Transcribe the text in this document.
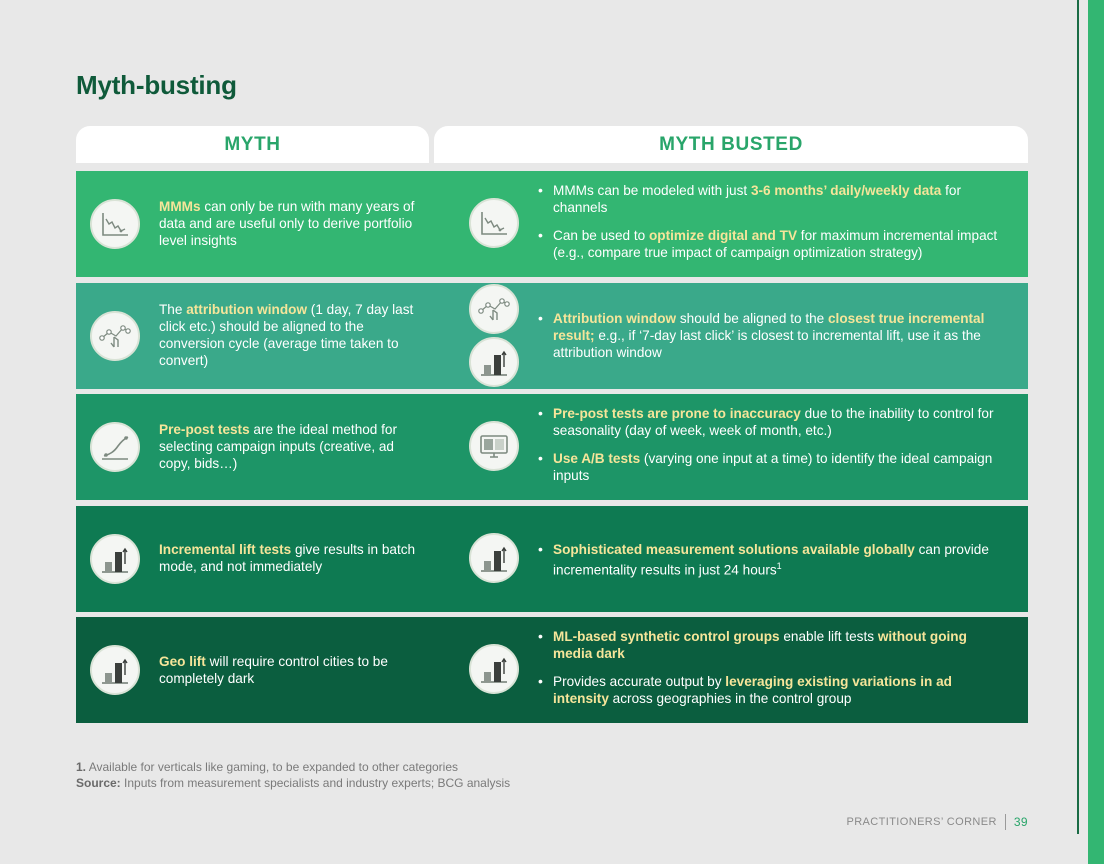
Myth-busting
MYTH	MYTH BUSTED
MMMs can only be run with many years of data and are useful only to derive portfolio level insights
• MMMs can be modeled with just 3-6 months’ daily/weekly data for channels
• Can be used to optimize digital and TV for maximum incremental impact (e.g., compare true impact of campaign optimization strategy)
The attribution window (1 day, 7 day last click etc.) should be aligned to the conversion cycle (average time taken to convert)
• Attribution window should be aligned to the closest true incremental result; e.g., if ‘7-day last click’ is closest to incremental lift, use it as the attribution window
Pre-post tests are the ideal method for selecting campaign inputs (creative, ad copy, bids…)
• Pre-post tests are prone to inaccuracy due to the inability to control for seasonality (day of week, week of month, etc.)
• Use A/B tests (varying one input at a time) to identify the ideal campaign inputs
Incremental lift tests give results in batch mode, and not immediately
• Sophisticated measurement solutions available globally can provide incrementality results in just 24 hours$^1$
Geo lift will require control cities to be completely dark
• ML-based synthetic control groups enable lift tests without going media dark
• Provides accurate output by leveraging existing variations in ad intensity across geographies in the control group
1. Available for verticals like gaming, to be expanded to other categories
Source: Inputs from measurement specialists and industry experts; BCG analysis
PRACTITIONERS’ CORNER 39
